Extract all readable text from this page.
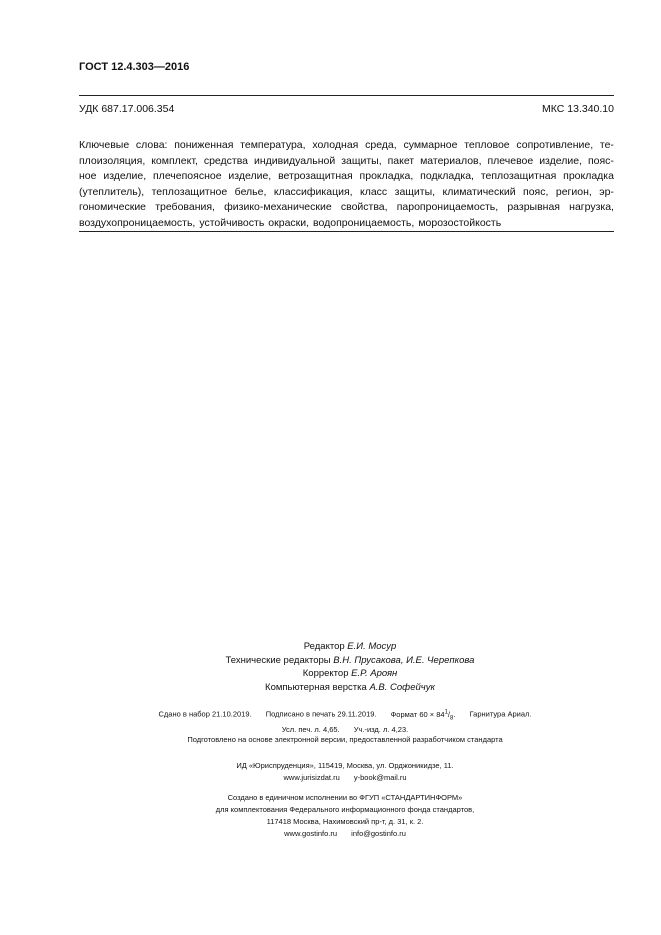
ГОСТ 12.4.303—2016
УДК 687.17.006.354	МКС 13.340.10
Ключевые слова: пониженная температура, холодная среда, суммарное тепловое сопротивление, те-
плоизоляция, комплект, средства индивидуальной защиты, пакет материалов, плечевое изделие, пояс-
ное изделие, плечепоясное изделие, ветрозащитная прокладка, подкладка, теплозащитная прокладка
(утеплитель), теплозащитное белье, классификация, класс защиты, климатический пояс, регион, эр-
гономические требования, физико-механические свойства, паропроницаемость, разрывная нагрузка,
воздухопроницаемость, устойчивость окраски, водопроницаемость, морозостойкость
Редактор Е.И. Мосур
Технические редакторы В.Н. Прусакова, И.Е. Черепкова
Корректор Е.Р. Ароян
Компьютерная верстка А.В. Софейчук
Сдано в набор 21.10.2019. Подписано в печать 29.11.2019. Формат $60 \times 84^1/_8$. Гарнитура Ариал.
Усл. печ. л. 4,65. Уч.-изд. л. 4,23.
Подготовлено на основе электронной версии, предоставленной разработчиком стандарта
ИД «Юриспруденция», 115419, Москва, ул. Орджоникидзе, 11.
www.jurisizdat.ru y-book@mail.ru
Создано в единичном исполнении во ФГУП «СТАНДАРТИНФОРМ»
для комплектования Федерального информационного фонда стандартов,
117418 Москва, Нахимовский пр-т, д. 31, к. 2.
www.gostinfo.ru info@gostinfo.ru
